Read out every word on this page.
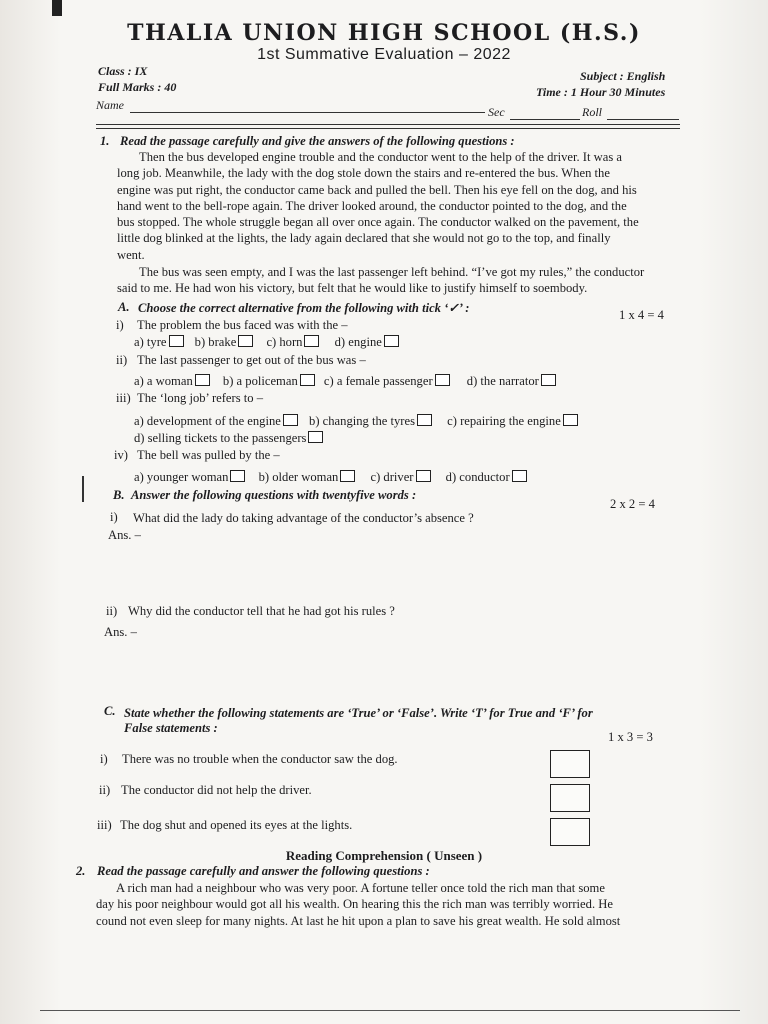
THALIA UNION HIGH SCHOOL (H.S.)
1st Summative Evaluation – 2022
Class : IX
Full Marks : 40
Subject : English
Time : 1 Hour 30 Minutes
Name	Sec	Roll
1. Read the passage carefully and give the answers of the following questions :
Then the bus developed engine trouble and the conductor went to the help of the driver. It was a
long job. Meanwhile, the lady with the dog stole down the stairs and re-entered the bus. When the
engine was put right, the conductor came back and pulled the bell. Then his eye fell on the dog, and his
hand went to the bell-rope again. The driver looked around, the conductor pointed to the dog, and the
bus stopped. The whole struggle began all over once again. The conductor walked on the pavement, the
little dog blinked at the lights, the lady again declared that she would not go to the top, and finally
went.
The bus was seen empty, and I was the last passenger left behind. “I’ve got my rules,” the conductor
said to me. He had won his victory, but felt that he would like to justify himself to soembody.
A. Choose the correct alternative from the following with tick ‘✓’ :	1 x 4 = 4
i) The problem the bus faced was with the –
a) tyre b) brake c) horn	d) engine
ii) The last passenger to get out of the bus was –
a) a woman b) a policeman c) a female passenger	d) the narrator
iii) The ‘long job’ refers to –
a) development of the engine b) changing the tyres	c) repairing the engine
d) selling tickets to the passengers
iv) The bell was pulled by the –
a) younger woman b) older woman	c) driver	d) conductor
B. Answer the following questions with twentyfive words :
2 x 2 = 4
i) What did the lady do taking advantage of the conductor’s absence ?
Ans. –
ii) Why did the conductor tell that he had got his rules ?
Ans. –
C. State whether the following statements are ‘True’ or ‘False’. Write ‘T’ for True and ‘F’ for
False statements :
1 x 3 = 3
i) There was no trouble when the conductor saw the dog.
ii) The conductor did not help the driver.
iii) The dog shut and opened its eyes at the lights.
Reading Comprehension ( Unseen )
2. Read the passage carefully and answer the following questions :
A rich man had a neighbour who was very poor. A fortune teller once told the rich man that some
day his poor neighbour would got all his wealth. On hearing this the rich man was terribly worried. He
cound not even sleep for many nights. At last he hit upon a plan to save his great wealth. He sold almost
